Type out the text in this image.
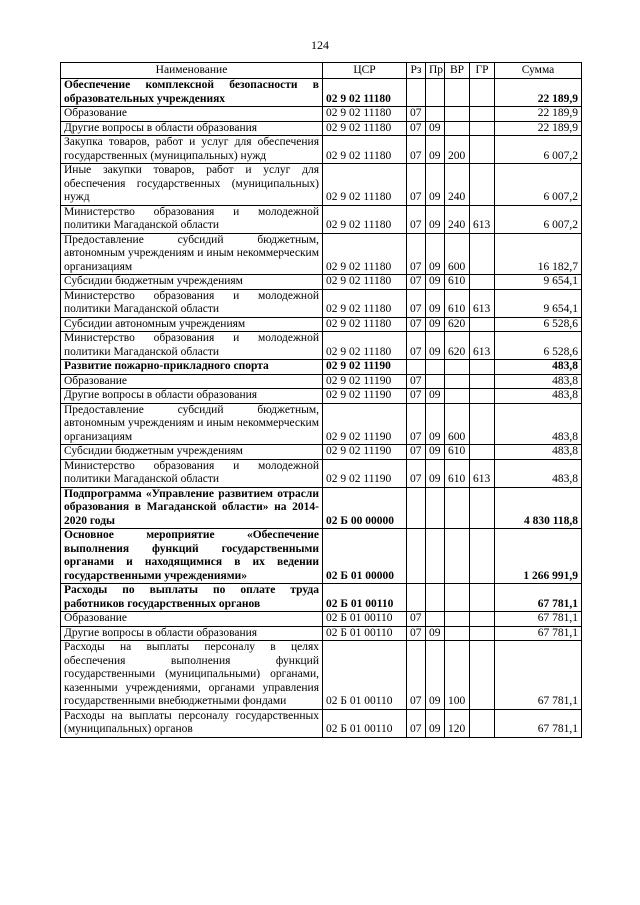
124
Наименование	ЦСР	Рз	Пр	ВР	ГР	Сумма
Обеспечение комплексной безопасности в образовательных учреждениях	02 9 02 11180					22 189,9
Образование	02 9 02 11180	07				22 189,9
Другие вопросы в области образования	02 9 02 11180	07	09			22 189,9
Закупка товаров, работ и услуг для обеспечения государственных (муниципальных) нужд	02 9 02 11180	07	09	200		6 007,2
Иные закупки товаров, работ и услуг для обеспечения государственных (муниципальных) нужд	02 9 02 11180	07	09	240		6 007,2
Министерство образования и молодежной политики Магаданской области	02 9 02 11180	07	09	240	613	6 007,2
Предоставление субсидий бюджетным, автономным учреждениям и иным некоммерческим организациям	02 9 02 11180	07	09	600		16 182,7
Субсидии бюджетным учреждениям	02 9 02 11180	07	09	610		9 654,1
Министерство образования и молодежной политики Магаданской области	02 9 02 11180	07	09	610	613	9 654,1
Субсидии автономным учреждениям	02 9 02 11180	07	09	620		6 528,6
Министерство образования и молодежной политики Магаданской области	02 9 02 11180	07	09	620	613	6 528,6
Развитие пожарно-прикладного спорта	02 9 02 11190					483,8
Образование	02 9 02 11190	07				483,8
Другие вопросы в области образования	02 9 02 11190	07	09			483,8
Предоставление субсидий бюджетным, автономным учреждениям и иным некоммерческим организациям	02 9 02 11190	07	09	600		483,8
Субсидии бюджетным учреждениям	02 9 02 11190	07	09	610		483,8
Министерство образования и молодежной политики Магаданской области	02 9 02 11190	07	09	610	613	483,8
Подпрограмма «Управление развитием отрасли образования в Магаданской области» на 2014-2020 годы	02 Б 00 00000					4 830 118,8
Основное мероприятие «Обеспечение выполнения функций государственными органами и находящимися в их ведении государственными учреждениями»	02 Б 01 00000					1 266 991,9
Расходы по выплаты по оплате труда работников государственных органов	02 Б 01 00110					67 781,1
Образование	02 Б 01 00110	07				67 781,1
Другие вопросы в области образования	02 Б 01 00110	07	09			67 781,1
Расходы на выплаты персоналу в целях обеспечения выполнения функций государственными (муниципальными) органами, казенными учреждениями, органами управления государственными внебюджетными фондами	02 Б 01 00110	07	09	100		67 781,1
Расходы на выплаты персоналу государственных (муниципальных) органов	02 Б 01 00110	07	09	120		67 781,1
